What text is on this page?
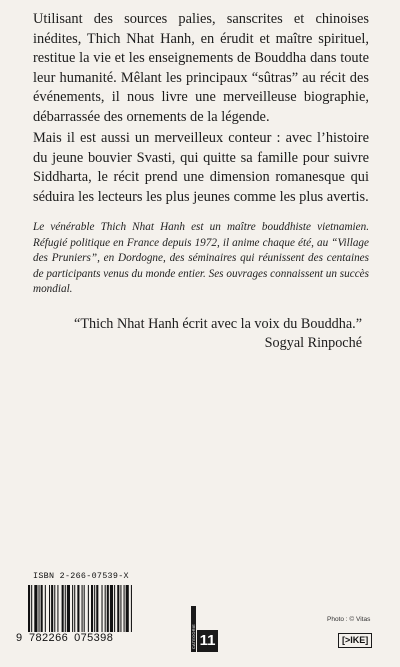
Utilisant des sources palies, sanscrites et chinoises inédites, Thich Nhat Hanh, en érudit et maître spirituel, restitue la vie et les enseignements de Bouddha dans toute leur humanité. Mêlant les principaux “sûtras” au récit des événements, il nous livre une merveilleuse biographie, débarrassée des ornements de la légende.

Mais il est aussi un merveilleux conteur : avec l’histoire du jeune bouvier Svasti, qui quitte sa famille pour suivre Siddharta, le récit prend une dimension romanesque qui séduira les lecteurs les plus jeunes comme les plus avertis.

Le vénérable Thich Nhat Hanh est un maître bouddhiste vietnamien. Réfugié politique en France depuis 1972, il anime chaque été, au “Village des Pruniers”, en Dordogne, des séminaires qui réunissent des centaines de participants venus du monde entier. Ses ouvrages connaissent un succès mondial.

“Thich Nhat Hanh écrit avec la voix du Bouddha.”

Sogyal Rinpoché

ISBN 2-266-07539-X
9 782266 075398	CATEGORIE 11
Photo : © Vitas
[>IKE]
